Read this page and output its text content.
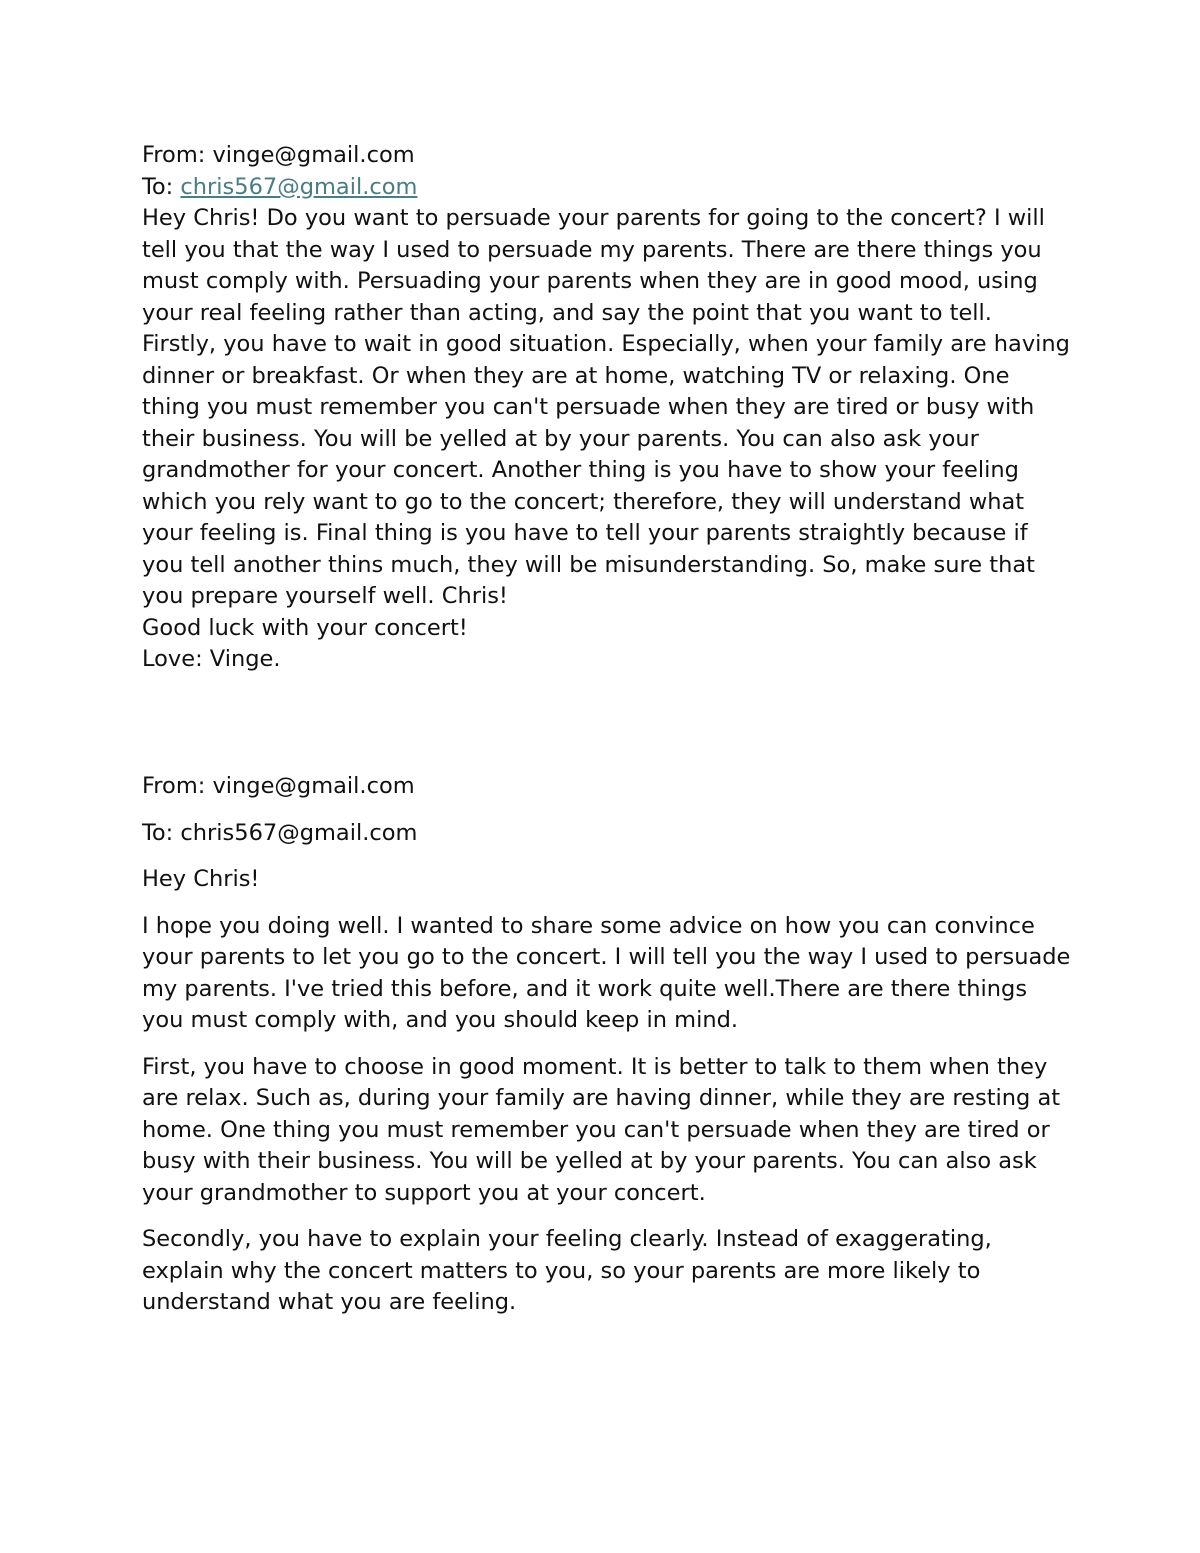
From: vinge@gmail.com

To: chris567@gmail.com

Hey Chris! Do you want to persuade your parents for going to the concert? I will tell you that the way I used to persuade my parents. There are there things you must comply with. Persuading your parents when they are in good mood, using your real feeling rather than acting, and say the point that you want to tell.

Firstly, you have to wait in good situation. Especially, when your family are having dinner or breakfast. Or when they are at home, watching TV or relaxing. One thing you must remember you can't persuade when they are tired or busy with their business. You will be yelled at by your parents. You can also ask your grandmother for your concert. Another thing is you have to show your feeling which you rely want to go to the concert; therefore, they will understand what your feeling is. Final thing is you have to tell your parents straightly because if you tell another thins much, they will be misunderstanding. So, make sure that you prepare yourself well. Chris!

Good luck with your concert!

Love: Vinge.

From: vinge@gmail.com

To: chris567@gmail.com

Hey Chris!

I hope you doing well. I wanted to share some advice on how you can convince your parents to let you go to the concert. I will tell you the way I used to persuade my parents. I've tried this before, and it work quite well.There are there things you must comply with, and you should keep in mind.

First, you have to choose in good moment. It is better to talk to them when they are relax. Such as, during your family are having dinner, while they are resting at home. One thing you must remember you can't persuade when they are tired or busy with their business. You will be yelled at by your parents. You can also ask your grandmother to support you at your concert.

Secondly, you have to explain your feeling clearly. Instead of exaggerating, explain why the concert matters to you, so your parents are more likely to understand what you are feeling.
